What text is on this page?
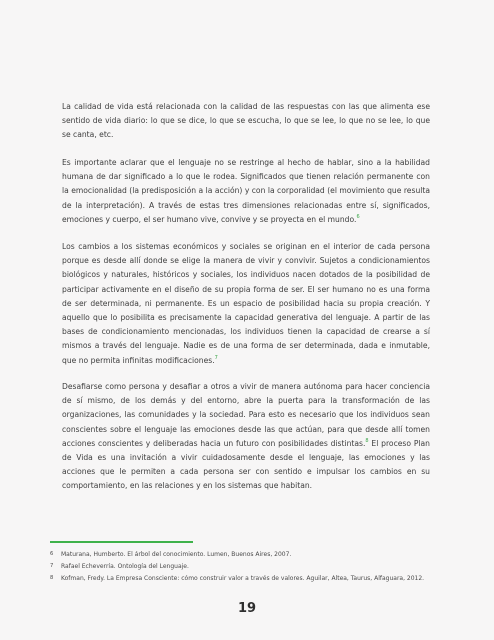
La calidad de vida está relacionada con la calidad de las respuestas con las que alimenta ese sentido de vida diario: lo que se dice, lo que se escucha, lo que se lee, lo que no se lee, lo que se canta, etc.

Es importante aclarar que el lenguaje no se restringe al hecho de hablar, sino a la habilidad humana de dar significado a lo que le rodea. Significados que tienen relación permanente con la emocionalidad (la predisposición a la acción) y con la corporalidad (el movimiento que resulta de la interpretación). A través de estas tres dimensiones relacionadas entre sí, significados, emociones y cuerpo, el ser humano vive, convive y se proyecta en el mundo.$^6$

Los cambios a los sistemas económicos y sociales se originan en el interior de cada persona porque es desde allí donde se elige la manera de vivir y convivir. Sujetos a condicionamientos biológicos y naturales, históricos y sociales, los individuos nacen dotados de la posibilidad de participar activamente en el diseño de su propia forma de ser. El ser humano no es una forma de ser determinada, ni permanente. Es un espacio de posibilidad hacia su propia creación. Y aquello que lo posibilita es precisamente la capacidad generativa del lenguaje. A partir de las bases de condicionamiento mencionadas, los individuos tienen la capacidad de crearse a sí mismos a través del lenguaje. Nadie es de una forma de ser determinada, dada e inmutable, que no permita infinitas modificaciones.$^7$

Desafiarse como persona y desafiar a otros a vivir de manera autónoma para hacer conciencia de sí mismo, de los demás y del entorno, abre la puerta para la transformación de las organizaciones, las comunidades y la sociedad. Para esto es necesario que los individuos sean conscientes sobre el lenguaje las emociones desde las que actúan, para que desde allí tomen acciones conscientes y deliberadas hacia un futuro con posibilidades distintas.$^8$ El proceso Plan de Vida es una invitación a vivir cuidadosamente desde el lenguaje, las emociones y las acciones que le permiten a cada persona ser con sentido e impulsar los cambios en su comportamiento, en las relaciones y en los sistemas que habitan.

6 Maturana, Humberto. El árbol del conocimiento. Lumen, Buenos Aires, 2007.
7 Rafael Echeverría. Ontología del Lenguaje.
8 Kofman, Fredy. La Empresa Consciente: cómo construir valor a través de valores. Aguilar, Altea, Taurus, Alfaguara, 2012.
19
